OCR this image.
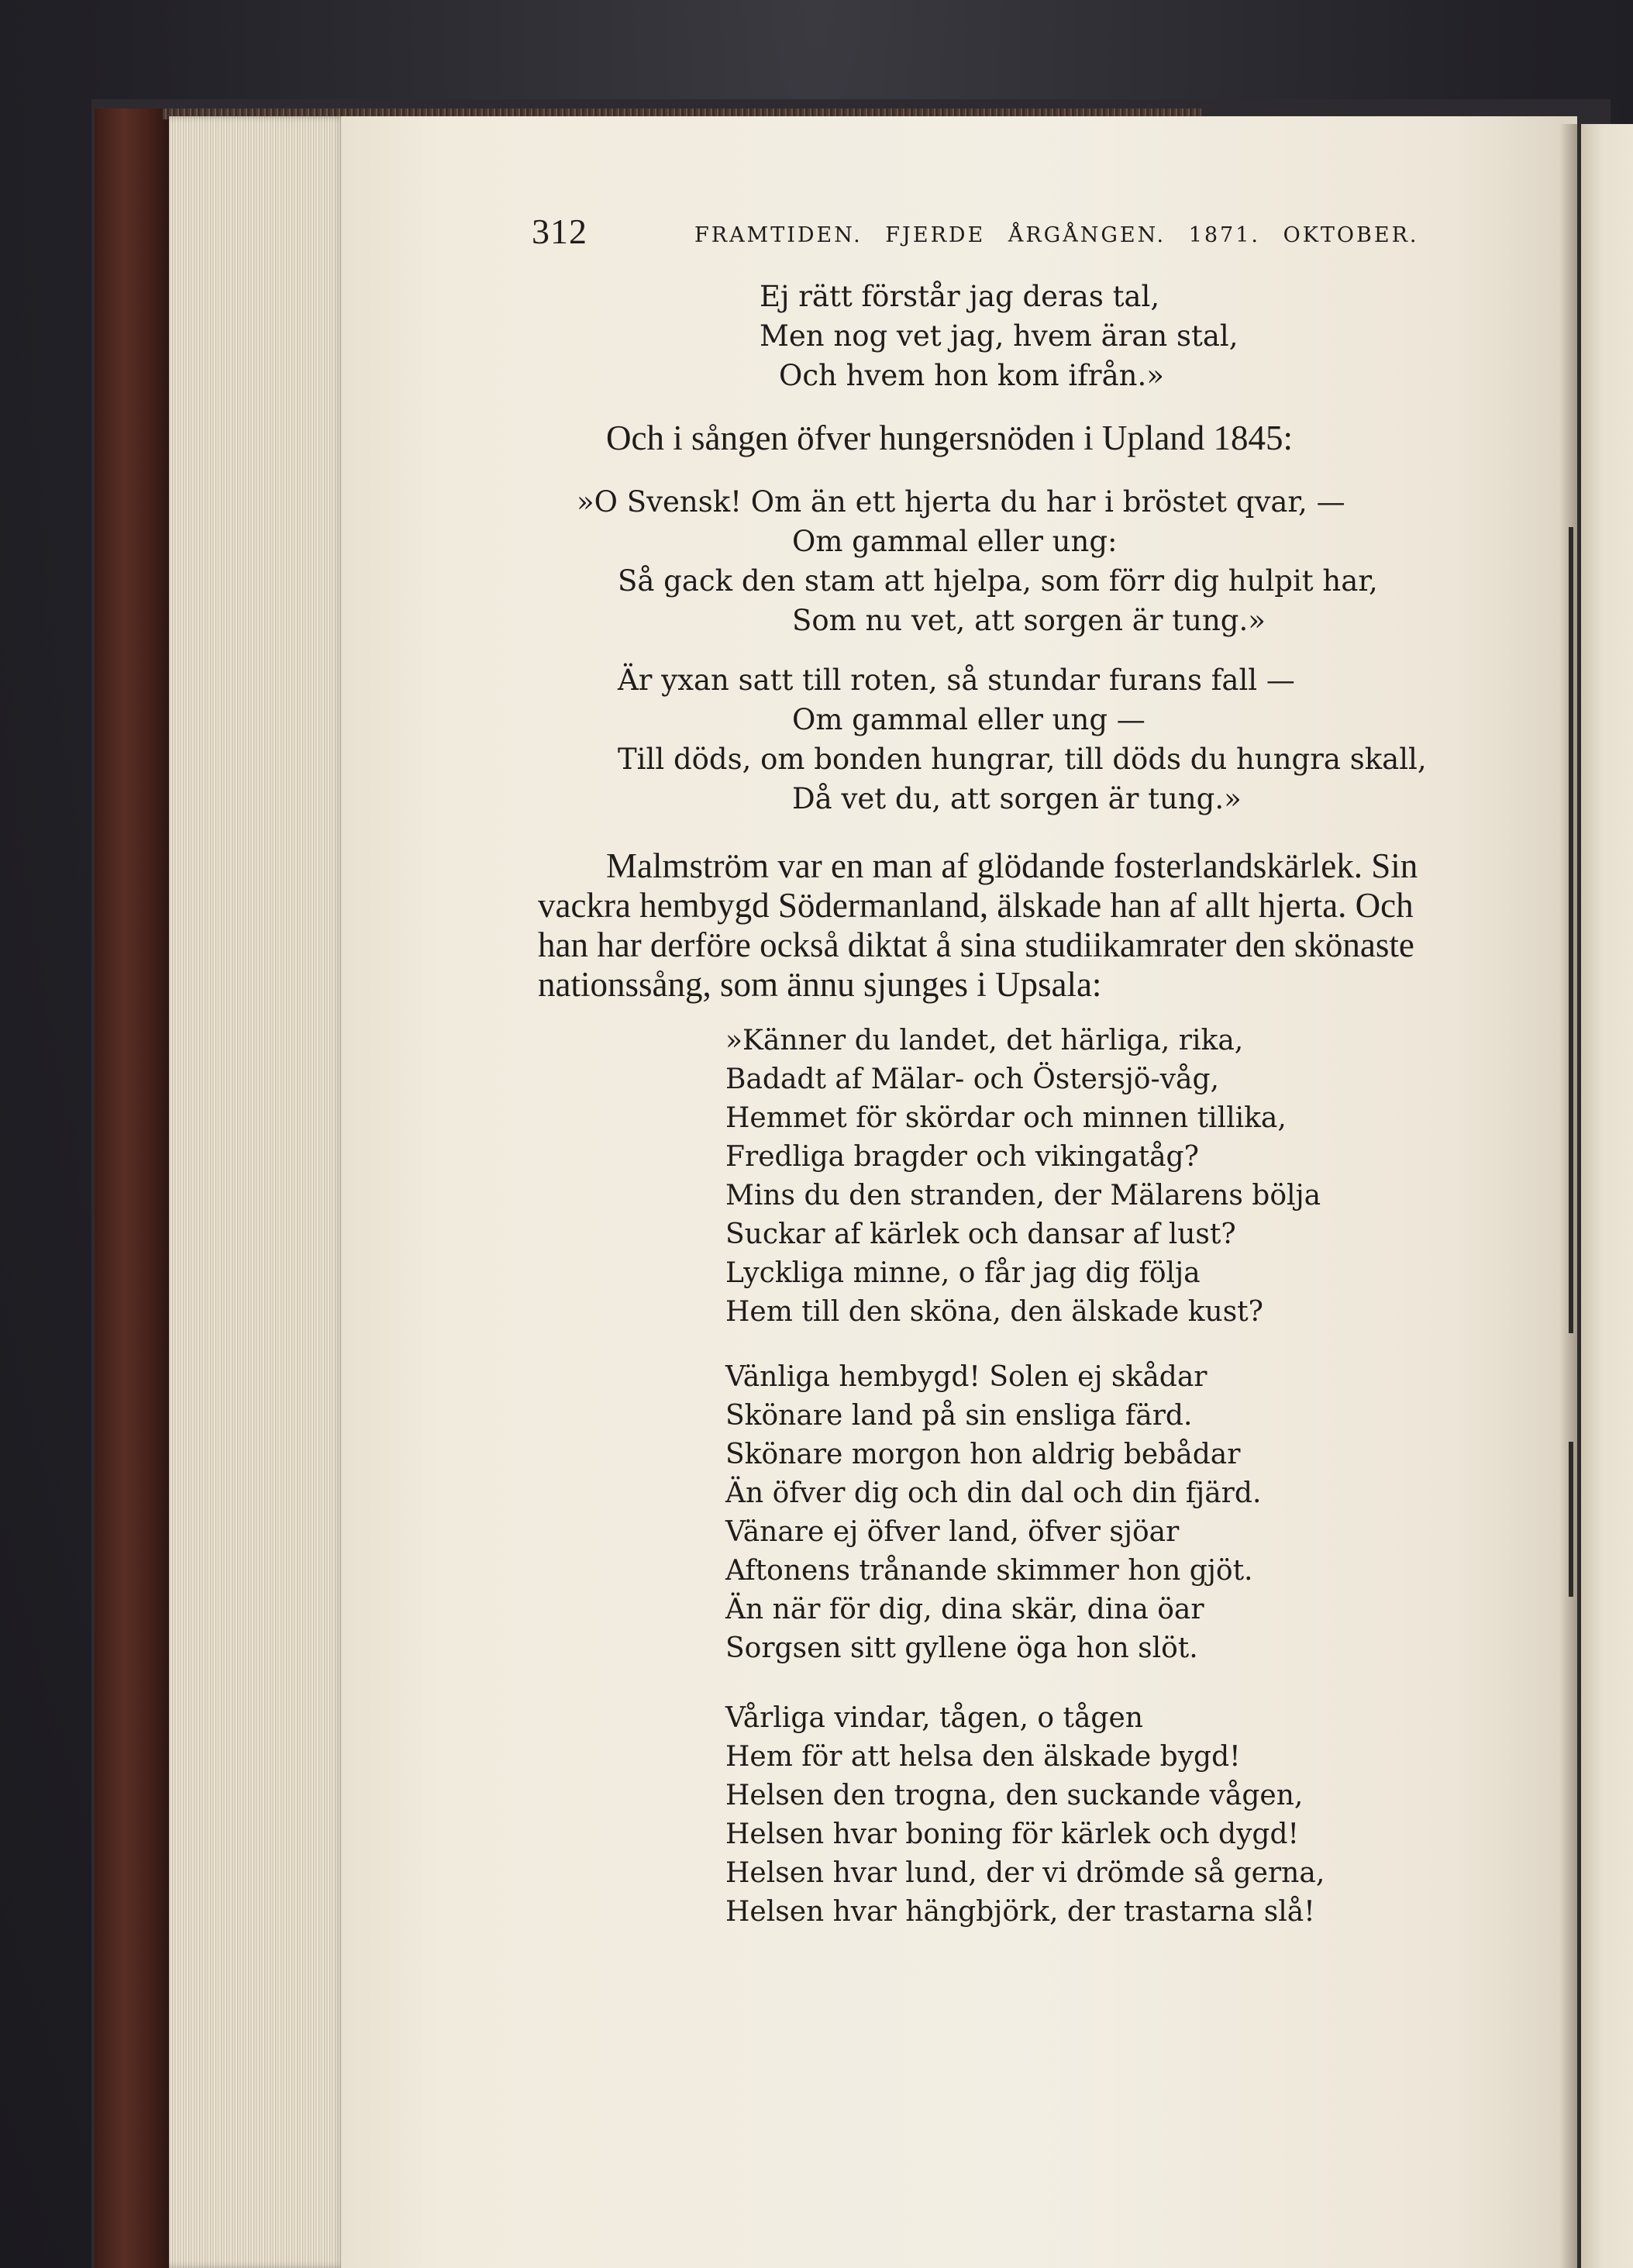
312	FRAMTIDEN. FJERDE ÅRGÅNGEN. 1871. OKTOBER.
Ej rätt förstår jag deras tal,
Men nog vet jag, hvem äran stal,
Och hvem hon kom ifrån.»
Och i sången öfver hungersnöden i Upland 1845:
»O Svensk! Om än ett hjerta du har i bröstet qvar, —
Om gammal eller ung:
Så gack den stam att hjelpa, som förr dig hulpit har,
Som nu vet, att sorgen är tung.»
Är yxan satt till roten, så stundar furans fall —
Om gammal eller ung —
Till döds, om bonden hungrar, till döds du hungra skall,
Då vet du, att sorgen är tung.»
Malmström var en man af glödande fosterlandskärlek. Sin
vackra hembygd Södermanland, älskade han af allt hjerta. Och
han har derföre också diktat å sina studiikamrater den skönaste
nationssång, som ännu sjunges i Upsala:
»Känner du landet, det härliga, rika,
Badadt af Mälar- och Östersjö-våg,
Hemmet för skördar och minnen tillika,
Fredliga bragder och vikingatåg?
Mins du den stranden, der Mälarens bölja
Suckar af kärlek och dansar af lust?
Lyckliga minne, o får jag dig följa
Hem till den sköna, den älskade kust?
Vänliga hembygd! Solen ej skådar
Skönare land på sin ensliga färd.
Skönare morgon hon aldrig bebådar
Än öfver dig och din dal och din fjärd.
Vänare ej öfver land, öfver sjöar
Aftonens trånande skimmer hon gjöt.
Än när för dig, dina skär, dina öar
Sorgsen sitt gyllene öga hon slöt.
Vårliga vindar, tågen, o tågen
Hem för att helsa den älskade bygd!
Helsen den trogna, den suckande vågen,
Helsen hvar boning för kärlek och dygd!
Helsen hvar lund, der vi drömde så gerna,
Helsen hvar hängbjörk, der trastarna slå!
